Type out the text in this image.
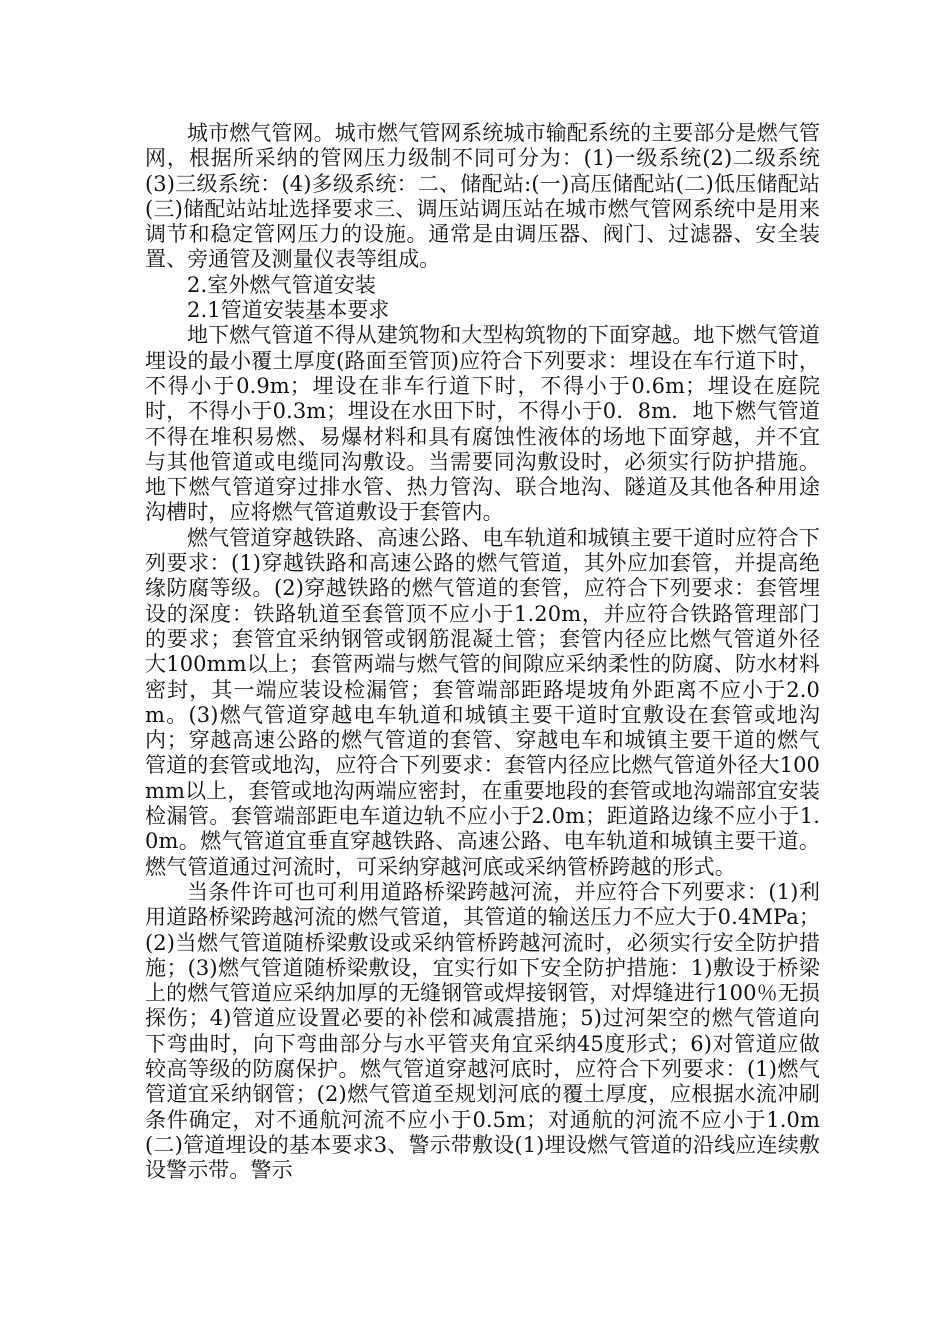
城市燃气管网。城市燃气管网系统城市输配系统的主要部分是燃气管网，根据所采纳的管网压力级制不同可分为：(1)一级系统(2)二级系统(3)三级系统：(4)多级系统：二、储配站:(一)高压储配站(二)低压储配站(三)储配站站址选择要求三、调压站调压站在城市燃气管网系统中是用来调节和稳定管网压力的设施。通常是由调压器、阀门、过滤器、安全装置、旁通管及测量仪表等组成。

2.室外燃气管道安装

2.1管道安装基本要求

地下燃气管道不得从建筑物和大型构筑物的下面穿越。地下燃气管道埋设的最小覆土厚度(路面至管顶)应符合下列要求：埋设在车行道下时，不得小于0.9m；埋设在非车行道下时，不得小于0.6m；埋设在庭院时，不得小于0.3m；埋设在水田下时，不得小于0．8m．地下燃气管道不得在堆积易燃、易爆材料和具有腐蚀性液体的场地下面穿越，并不宜与其他管道或电缆同沟敷设。当需要同沟敷设时，必须实行防护措施。地下燃气管道穿过排水管、热力管沟、联合地沟、隧道及其他各种用途沟槽时，应将燃气管道敷设于套管内。

燃气管道穿越铁路、高速公路、电车轨道和城镇主要干道时应符合下列要求：(1)穿越铁路和高速公路的燃气管道，其外应加套管，并提高绝缘防腐等级。(2)穿越铁路的燃气管道的套管，应符合下列要求：套管埋设的深度：铁路轨道至套管顶不应小于1.20m，并应符合铁路管理部门的要求；套管宜采纳钢管或钢筋混凝土管；套管内径应比燃气管道外径大100mm以上；套管两端与燃气管的间隙应采纳柔性的防腐、防水材料密封，其一端应装设检漏管；套管端部距路堤坡角外距离不应小于2.0m。(3)燃气管道穿越电车轨道和城镇主要干道时宜敷设在套管或地沟内；穿越高速公路的燃气管道的套管、穿越电车和城镇主要干道的燃气管道的套管或地沟，应符合下列要求：套管内径应比燃气管道外径大100mm以上，套管或地沟两端应密封，在重要地段的套管或地沟端部宜安装检漏管。套管端部距电车道边轨不应小于2.0m；距道路边缘不应小于1.0m。燃气管道宜垂直穿越铁路、高速公路、电车轨道和城镇主要干道。燃气管道通过河流时，可采纳穿越河底或采纳管桥跨越的形式。

当条件许可也可利用道路桥梁跨越河流，并应符合下列要求：(1)利用道路桥梁跨越河流的燃气管道，其管道的输送压力不应大于0.4MPa；(2)当燃气管道随桥梁敷设或采纳管桥跨越河流时，必须实行安全防护措施；(3)燃气管道随桥梁敷设，宜实行如下安全防护措施：1)敷设于桥梁上的燃气管道应采纳加厚的无缝钢管或焊接钢管，对焊缝进行100％无损探伤；4)管道应设置必要的补偿和减震措施；5)过河架空的燃气管道向下弯曲时，向下弯曲部分与水平管夹角宜采纳45度形式；6)对管道应做较高等级的防腐保护。燃气管道穿越河底时，应符合下列要求：(1)燃气管道宜采纳钢管；(2)燃气管道至规划河底的覆土厚度，应根据水流冲刷条件确定，对不通航河流不应小于0.5m；对通航的河流不应小于1.0m(二)管道埋设的基本要求3、警示带敷设(1)埋设燃气管道的沿线应连续敷设警示带。警示
